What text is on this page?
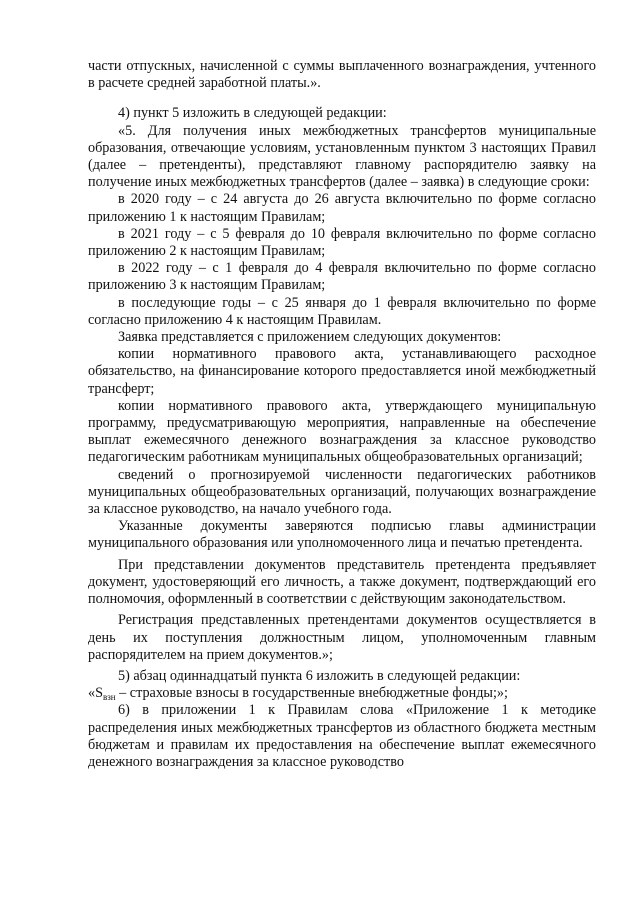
части отпускных, начисленной с суммы выплаченного вознаграждения, учтенного в расчете средней заработной платы.».

4) пункт 5 изложить в следующей редакции:

«5. Для получения иных межбюджетных трансфертов муниципальные образования, отвечающие условиям, установленным пунктом 3 настоящих Правил (далее – претенденты), представляют главному распорядителю заявку на получение иных межбюджетных трансфертов (далее – заявка) в следующие сроки:

в 2020 году – с 24 августа до 26 августа включительно по форме согласно приложению 1 к настоящим Правилам;

в 2021 году – с 5 февраля до 10 февраля включительно по форме согласно приложению 2 к настоящим Правилам;

в 2022 году – с 1 февраля до 4 февраля включительно по форме согласно приложению 3 к настоящим Правилам;

в последующие годы – с 25 января до 1 февраля включительно по форме согласно приложению 4 к настоящим Правилам.

Заявка представляется с приложением следующих документов:

копии нормативного правового акта, устанавливающего расходное обязательство, на финансирование которого предоставляется иной межбюджетный трансферт;

копии нормативного правового акта, утверждающего муниципальную программу, предусматривающую мероприятия, направленные на обеспечение выплат ежемесячного денежного вознаграждения за классное руководство педагогическим работникам муниципальных общеобразовательных организаций;

сведений о прогнозируемой численности педагогических работников муниципальных общеобразовательных организаций, получающих вознаграждение за классное руководство, на начало учебного года.

Указанные документы заверяются подписью главы администрации муниципального образования или уполномоченного лица и печатью претендента.

При представлении документов представитель претендента предъявляет документ, удостоверяющий его личность, а также документ, подтверждающий его полномочия, оформленный в соответствии с действующим законодательством.

Регистрация представленных претендентами документов осуществляется в день их поступления должностным лицом, уполномоченным главным распорядителем на прием документов.»;

5) абзац одиннадцатый пункта 6 изложить в следующей редакции:

«$S_{взн}$ – страховые взносы в государственные внебюджетные фонды;»;

6) в приложении 1 к Правилам слова «Приложение 1 к методике распределения иных межбюджетных трансфертов из областного бюджета местным бюджетам и правилам их предоставления на обеспечение выплат ежемесячного денежного вознаграждения за классное руководство
